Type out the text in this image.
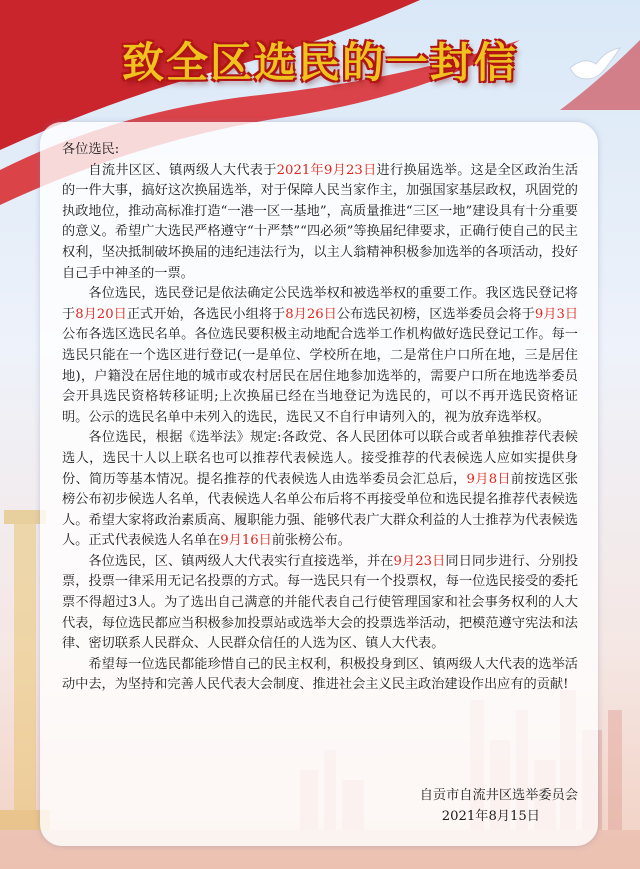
致全区选民的一封信

各位选民:

自流井区区、镇两级人大代表于2021年9月23日进行换届选举。这是全区政治生活的一件大事，搞好这次换届选举，对于保障人民当家作主，加强国家基层政权，巩固党的执政地位，推动高标准打造“一港一区一基地”，高质量推进“三区一地”建设具有十分重要的意义。希望广大选民严格遵守“十严禁”“四必须”等换届纪律要求，正确行使自己的民主权利，坚决抵制破坏换届的违纪违法行为，以主人翁精神积极参加选举的各项活动，投好自己手中神圣的一票。

各位选民，选民登记是依法确定公民选举权和被选举权的重要工作。我区选民登记将于8月20日正式开始，各选民小组将于8月26日公布选民初榜，区选举委员会将于9月3日公布各选区选民名单。各位选民要积极主动地配合选举工作机构做好选民登记工作。每一选民只能在一个选区进行登记(一是单位、学校所在地，二是常住户口所在地，三是居住地)，户籍没在居住地的城市或农村居民在居住地参加选举的，需要户口所在地选举委员会开具选民资格转移证明;上次换届已经在当地登记为选民的，可以不再开选民资格证明。公示的选民名单中未列入的选民，选民又不自行申请列入的，视为放弃选举权。

各位选民，根据《选举法》规定:各政党、各人民团体可以联合或者单独推荐代表候选人，选民十人以上联名也可以推荐代表候选人。接受推荐的代表候选人应如实提供身份、简历等基本情况。提名推荐的代表候选人由选举委员会汇总后，9月8日前按选区张榜公布初步候选人名单，代表候选人名单公布后将不再接受单位和选民提名推荐代表候选人。希望大家将政治素质高、履职能力强、能够代表广大群众利益的人士推荐为代表候选人。正式代表候选人名单在9月16日前张榜公布。

各位选民，区、镇两级人大代表实行直接选举，并在9月23日同日同步进行、分别投票，投票一律采用无记名投票的方式。每一选民只有一个投票权，每一位选民接受的委托票不得超过3人。为了选出自己满意的并能代表自己行使管理国家和社会事务权利的人大代表，每位选民都应当积极参加投票站或选举大会的投票选举活动，把模范遵守宪法和法律、密切联系人民群众、人民群众信任的人选为区、镇人大代表。

希望每一位选民都能珍惜自己的民主权利，积极投身到区、镇两级人大代表的选举活动中去，为坚持和完善人民代表大会制度、推进社会主义民主政治建设作出应有的贡献!

自贡市自流井区选举委员会
2021年8月15日
